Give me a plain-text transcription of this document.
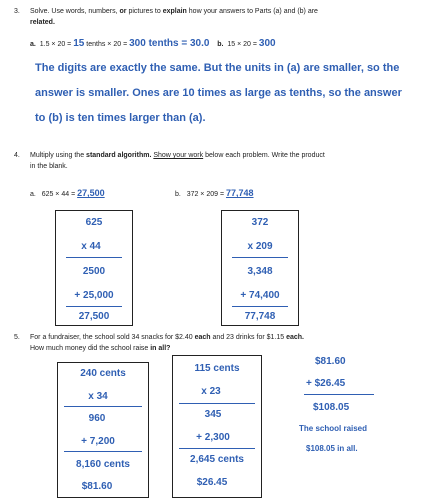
3. Solve. Use words, numbers, or pictures to explain how your answers to Parts (a) and (b) are
related.
a. 1.5 × 20 = 15 tenths × 20 = 300 tenths = 30.0 b. 15 × 20 = 300
The digits are exactly the same. But the units in (a) are smaller, so the
answer is smaller. Ones are 10 times as large as tenths, so the answer
to (b) is ten times larger than (a).
4. Multiply using the standard algorithm. Show your work below each problem. Write the product
in the blank.
a. 625 × 44 = 27,500	b. 372 × 209 = 77,748
625
x 44
2500
+ 25,000
27,500
372
x 209
3,348
+ 74,400
77,748
5. For a fundraiser, the school sold 34 snacks for $2.40 each and 23 drinks for $1.15 each.
How much money did the school raise in all?
240 cents
x 34
960
+ 7,200
8,160 cents
$81.60
115 cents
x 23
345
+ 2,300
2,645 cents
$26.45
$81.60
+ $26.45
$108.05
The school raised
$108.05 in all.
